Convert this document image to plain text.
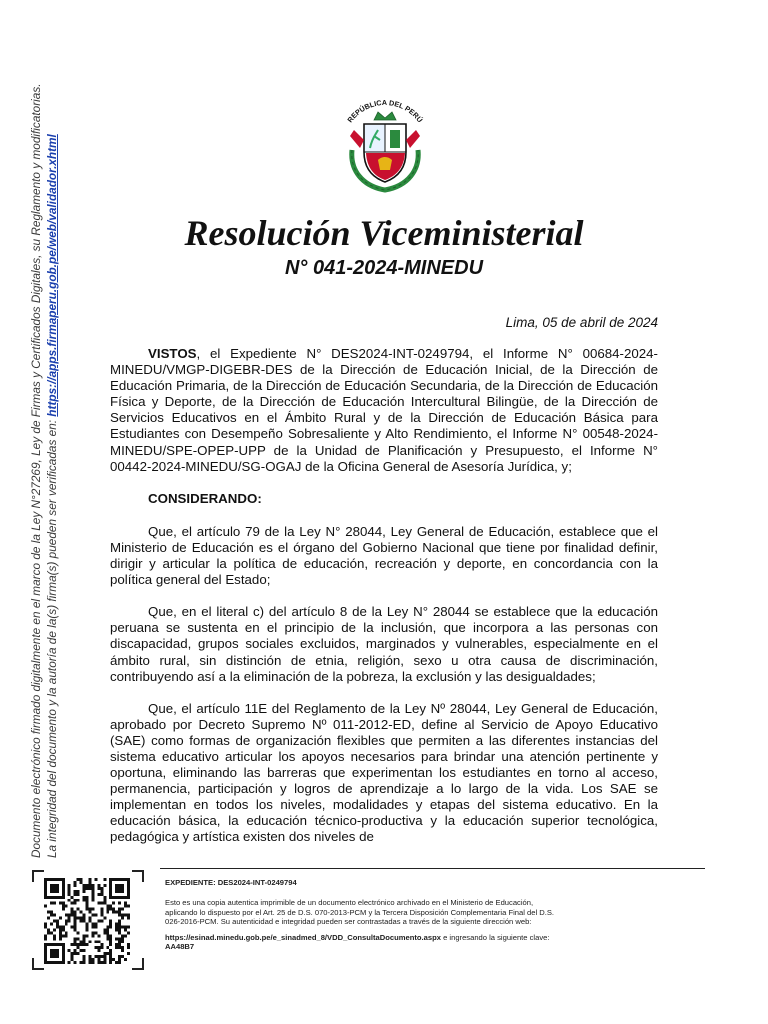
Documento electrónico firmado digitalmente en el marco de la Ley N°27269, Ley de Firmas y Certificados Digitales, su Reglamento y modificatorias. La integridad del documento y la autoría de la(s) firma(s) pueden ser verificadas en: https://apps.firmaperu.gob.pe/web/validador.xhtml
REPÚBLICA DEL PERÚ
Resolución Viceministerial
N° 041-2024-MINEDU
Lima, 05 de abril de 2024

VISTOS, el Expediente N° DES2024-INT-0249794, el Informe N° 00684-2024-MINEDU/VMGP-DIGEBR-DES de la Dirección de Educación Inicial, de la Dirección de Educación Primaria, de la Dirección de Educación Secundaria, de la Dirección de Educación Física y Deporte, de la Dirección de Educación Intercultural Bilingüe, de la Dirección de Servicios Educativos en el Ámbito Rural y de la Dirección de Educación Básica para Estudiantes con Desempeño Sobresaliente y Alto Rendimiento, el Informe N° 00548-2024-MINEDU/SPE-OPEP-UPP de la Unidad de Planificación y Presupuesto, el Informe N° 00442-2024-MINEDU/SG-OGAJ de la Oficina General de Asesoría Jurídica, y;

CONSIDERANDO:

Que, el artículo 79 de la Ley N° 28044, Ley General de Educación, establece que el Ministerio de Educación es el órgano del Gobierno Nacional que tiene por finalidad definir, dirigir y articular la política de educación, recreación y deporte, en concordancia con la política general del Estado;

Que, en el literal c) del artículo 8 de la Ley N° 28044 se establece que la educación peruana se sustenta en el principio de la inclusión, que incorpora a las personas con discapacidad, grupos sociales excluidos, marginados y vulnerables, especialmente en el ámbito rural, sin distinción de etnia, religión, sexo u otra causa de discriminación, contribuyendo así a la eliminación de la pobreza, la exclusión y las desigualdades;

Que, el artículo 11E del Reglamento de la Ley Nº 28044, Ley General de Educación, aprobado por Decreto Supremo Nº 011-2012-ED, define al Servicio de Apoyo Educativo (SAE) como formas de organización flexibles que permiten a las diferentes instancias del sistema educativo articular los apoyos necesarios para brindar una atención pertinente y oportuna, eliminando las barreras que experimentan los estudiantes en torno al acceso, permanencia, participación y logros de aprendizaje a lo largo de la vida. Los SAE se implementan en todos los niveles, modalidades y etapas del sistema educativo. En la educación básica, la educación técnico-productiva y la educación superior tecnológica, pedagógica y artística existen dos niveles de

EXPEDIENTE: DES2024-INT-0249794
Esto es una copia autentica imprimible de un documento electrónico archivado en el Ministerio de Educación, aplicando lo dispuesto por el Art. 25 de D.S. 070-2013-PCM y la Tercera Disposición Complementaria Final del D.S. 026-2016-PCM. Su autenticidad e integridad pueden ser contrastadas a través de la siguiente dirección web:
https://esinad.minedu.gob.pe/e_sinadmed_8/VDD_ConsultaDocumento.aspx e ingresando la siguiente clave: AA48B7
